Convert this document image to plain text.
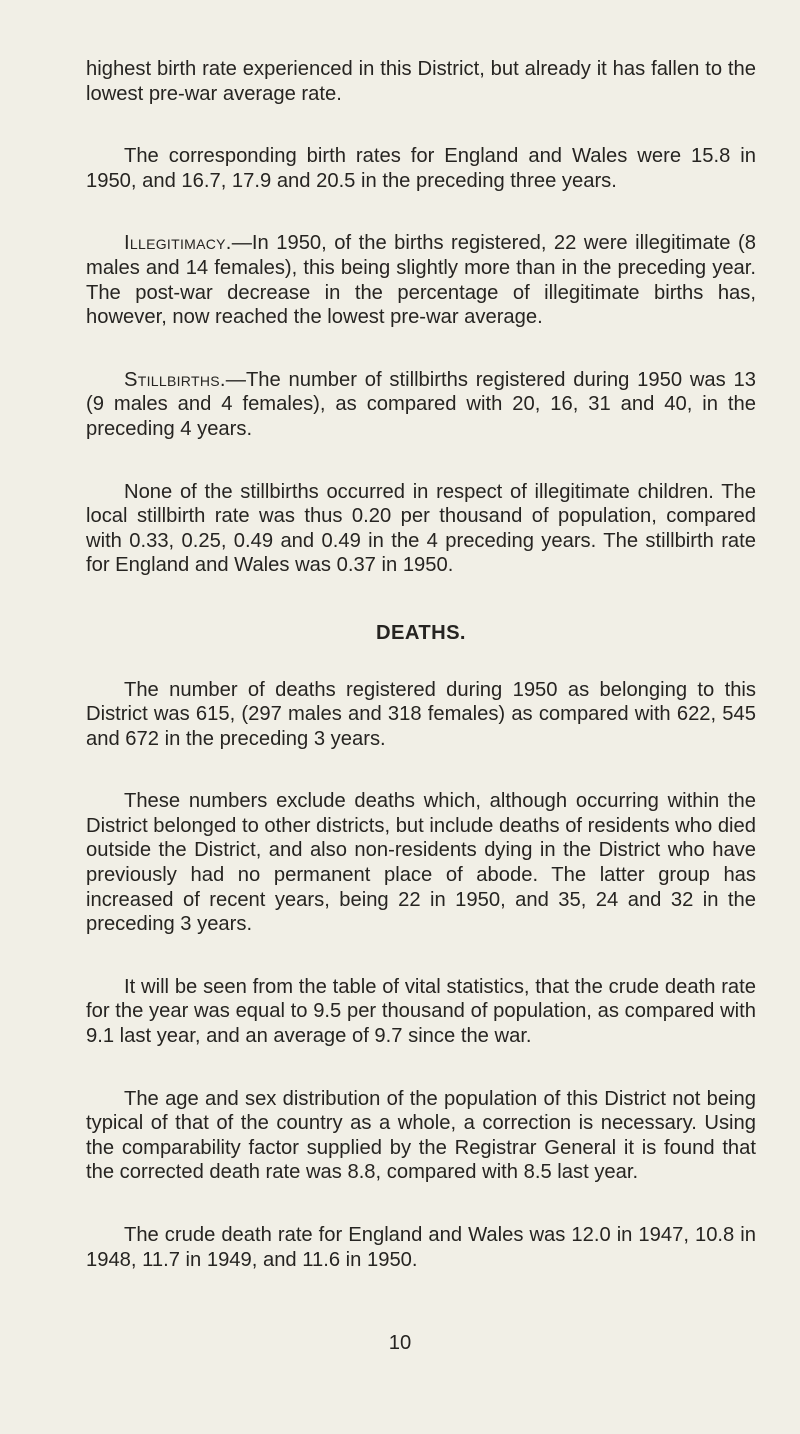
highest birth rate experienced in this District, but already it has fallen to the lowest pre-war average rate.

The corresponding birth rates for England and Wales were 15.8 in 1950, and 16.7, 17.9 and 20.5 in the preceding three years.

Illegitimacy.—In 1950, of the births registered, 22 were illegitimate (8 males and 14 females), this being slightly more than in the preceding year. The post-war decrease in the percentage of illegitimate births has, however, now reached the lowest pre-war average.

Stillbirths.—The number of stillbirths registered during 1950 was 13 (9 males and 4 females), as compared with 20, 16, 31 and 40, in the preceding 4 years.

None of the stillbirths occurred in respect of illegitimate children. The local stillbirth rate was thus 0.20 per thousand of population, compared with 0.33, 0.25, 0.49 and 0.49 in the 4 preceding years. The stillbirth rate for England and Wales was 0.37 in 1950.

DEATHS.

The number of deaths registered during 1950 as belonging to this District was 615, (297 males and 318 females) as compared with 622, 545 and 672 in the preceding 3 years.

These numbers exclude deaths which, although occurring within the District belonged to other districts, but include deaths of residents who died outside the District, and also non-residents dying in the District who have previously had no permanent place of abode. The latter group has increased of recent years, being 22 in 1950, and 35, 24 and 32 in the preceding 3 years.

It will be seen from the table of vital statistics, that the crude death rate for the year was equal to 9.5 per thousand of population, as compared with 9.1 last year, and an average of 9.7 since the war.

The age and sex distribution of the population of this District not being typical of that of the country as a whole, a correction is necessary. Using the comparability factor supplied by the Registrar General it is found that the corrected death rate was 8.8, compared with 8.5 last year.

The crude death rate for England and Wales was 12.0 in 1947, 10.8 in 1948, 11.7 in 1949, and 11.6 in 1950.

10
